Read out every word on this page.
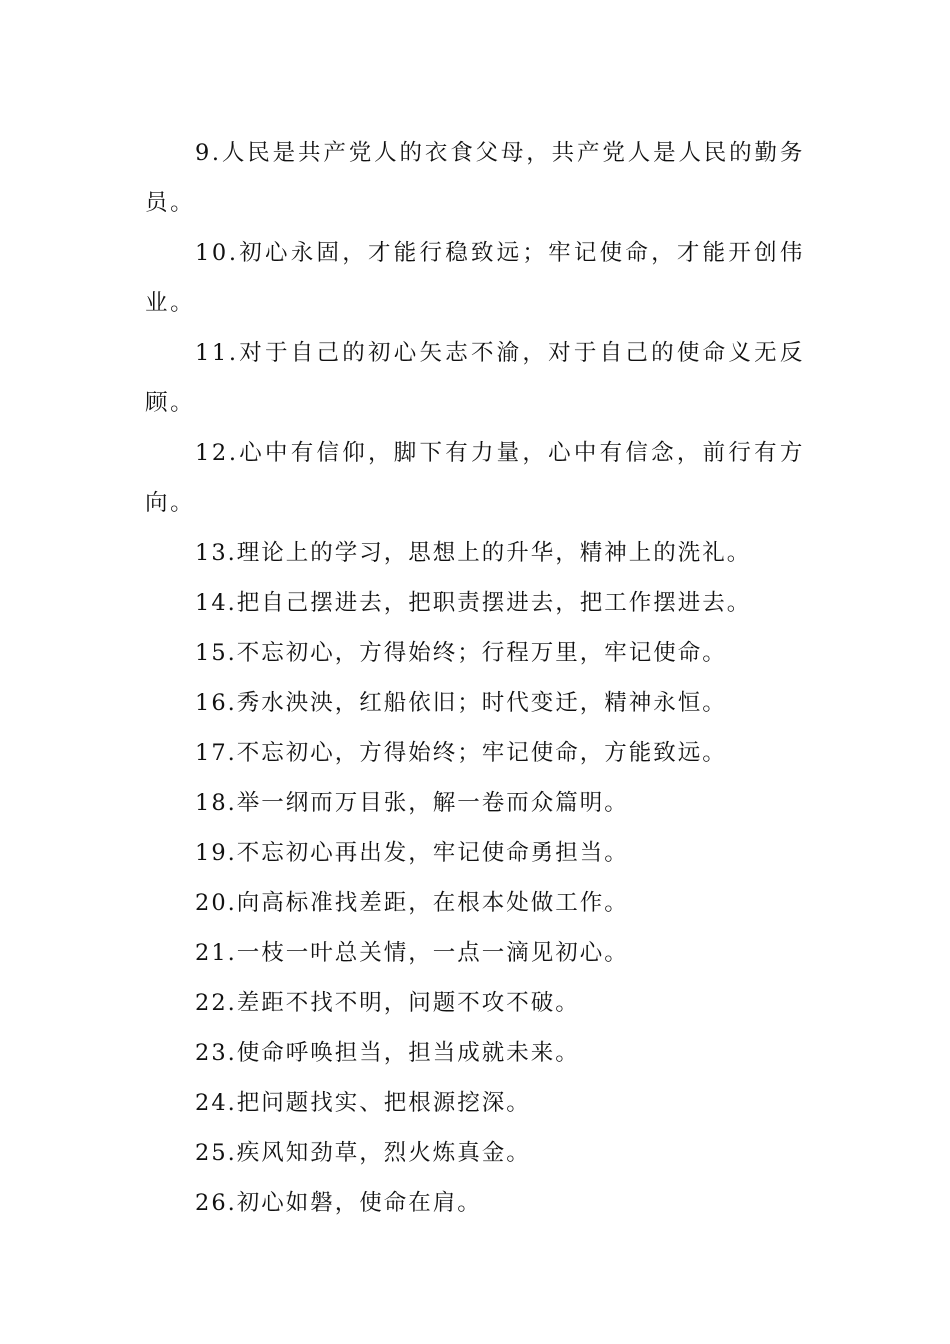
9.人民是共产党人的衣食父母，共产党人是人民的勤务员。

10.初心永固，才能行稳致远；牢记使命，才能开创伟业。

11.对于自己的初心矢志不渝，对于自己的使命义无反顾。

12.心中有信仰，脚下有力量，心中有信念，前行有方向。

13.理论上的学习，思想上的升华，精神上的洗礼。

14.把自己摆进去，把职责摆进去，把工作摆进去。

15.不忘初心，方得始终；行程万里，牢记使命。

16.秀水泱泱，红船依旧；时代变迁，精神永恒。

17.不忘初心，方得始终；牢记使命，方能致远。

18.举一纲而万目张，解一卷而众篇明。

19.不忘初心再出发，牢记使命勇担当。

20.向高标准找差距，在根本处做工作。

21.一枝一叶总关情，一点一滴见初心。

22.差距不找不明，问题不攻不破。

23.使命呼唤担当，担当成就未来。

24.把问题找实、把根源挖深。

25.疾风知劲草，烈火炼真金。

26.初心如磐，使命在肩。
